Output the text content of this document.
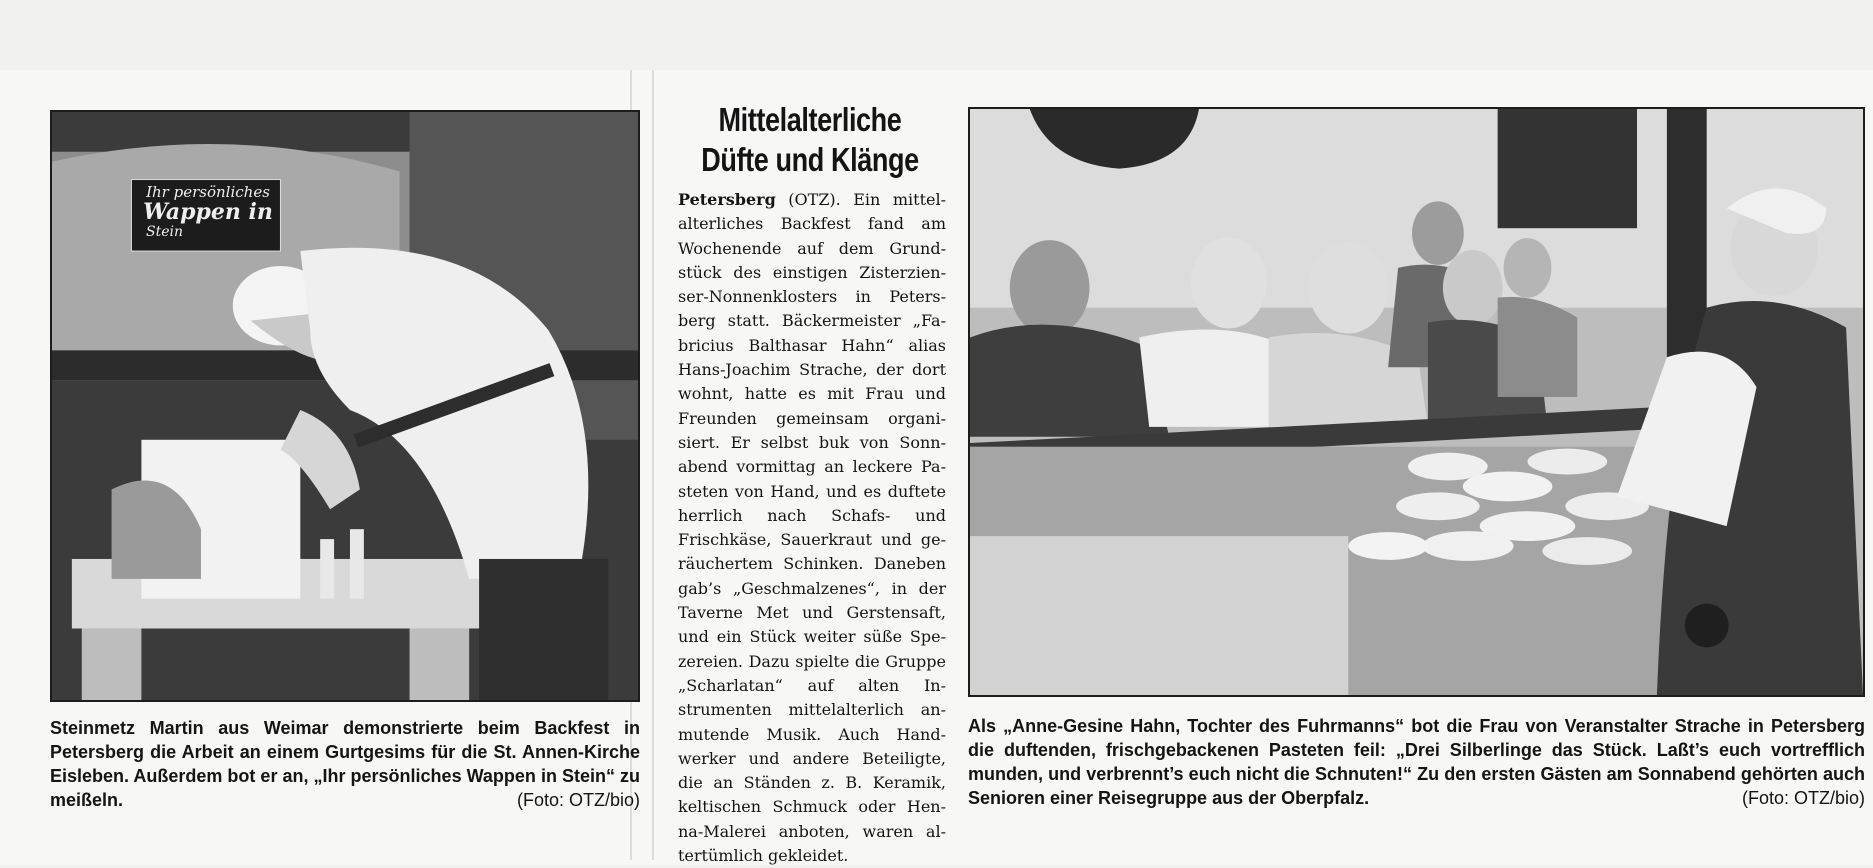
Ihr persönliches
Wappen in
Stein
Steinmetz Martin aus Weimar demonstrierte beim Backfest in Petersberg die Arbeit an einem Gurtgesims für die St. Annen-Kirche Eisleben. Außerdem bot er an, „Ihr persönliches Wappen in Stein“ zu meißeln.	(Foto: OTZ/bio)
Mittelalterliche
Düfte und Klänge
Petersberg (OTZ). Ein mittelalterliches Backfest fand am Wochenende auf dem Grundstück des einstigen Zisterzienser-Nonnenklosters in Petersberg statt. Bäckermeister „Fabricius Balthasar Hahn“ alias Hans-Joachim Strache, der dort wohnt, hatte es mit Frau und Freunden gemeinsam organisiert. Er selbst buk von Sonnabend vormittag an leckere Pasteten von Hand, und es duftete herrlich nach Schafs- und Frischkäse, Sauerkraut und geräuchertem Schinken. Daneben gab’s „Geschmalzenes“, in der Taverne Met und Gerstensaft, und ein Stück weiter süße Spezereien. Dazu spielte die Gruppe „Scharlatan“ auf alten Instrumenten mittelalterlich anmutende Musik. Auch Handwerker und andere Beteiligte, die an Ständen z. B. Keramik, keltischen Schmuck oder Henna-Malerei anboten, waren altertümlich gekleidet.
Als „Anne-Gesine Hahn, Tochter des Fuhrmanns“ bot die Frau von Veranstalter Strache in Petersberg die duftenden, frischgebackenen Pasteten feil: „Drei Silberlinge das Stück. Laßt’s euch vortrefflich munden, und verbrennt’s euch nicht die Schnuten!“ Zu den ersten Gästen am Sonnabend gehörten auch Senioren einer Reisegruppe aus der Oberpfalz.	(Foto: OTZ/bio)
